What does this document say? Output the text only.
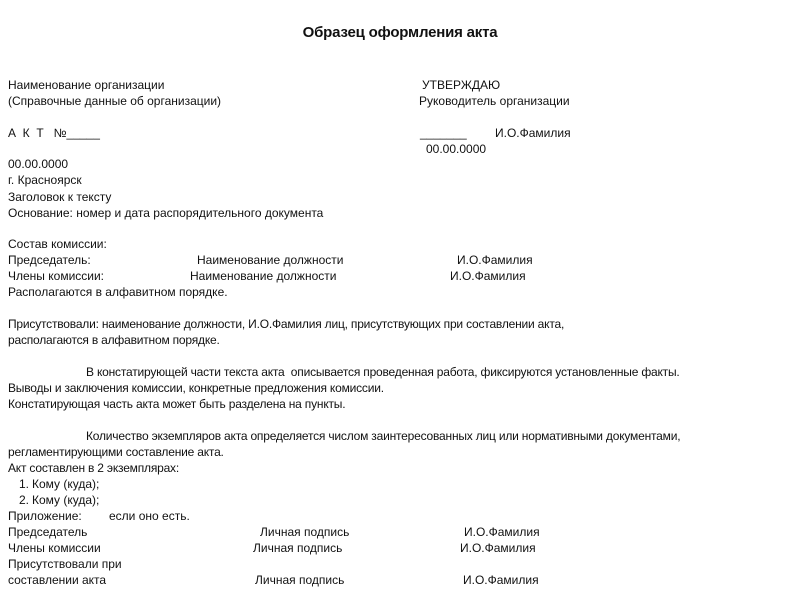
Образец оформления акта
Наименование организации
(Справочные данные об организации)
А  К  Т   №_____
УТВЕРЖДАЮ
Руководитель организации
_______ И.О.Фамилия
00.00.0000
00.00.0000
г. Красноярск
Заголовок к тексту
Основание: номер и дата распорядительного документа
Состав комиссии:
Председатель:	Наименование должности	И.О.Фамилия
Члены комиссии:	Наименование должности	И.О.Фамилия
Располагаются в алфавитном порядке.
Присутствовали: наименование должности, И.О.Фамилия лиц, присутствующих при составлении акта,
располагаются в алфавитном порядке.
В констатирующей части текста акта  описывается проведенная работа, фиксируются установленные факты.
Выводы и заключения комиссии, конкретные предложения комиссии.
Констатирующая часть акта может быть разделена на пункты.
Количество экземпляров акта определяется числом заинтересованных лиц или нормативными документами,
регламентирующими составление акта.
Акт составлен в 2 экземплярах:
1. Кому (куда);
2. Кому (куда);
Приложение: если оно есть.
Председатель	Личная подпись	И.О.Фамилия
Члены комиссии	Личная подпись	И.О.Фамилия
Присутствовали при
составлении акта	Личная подпись	И.О.Фамилия
